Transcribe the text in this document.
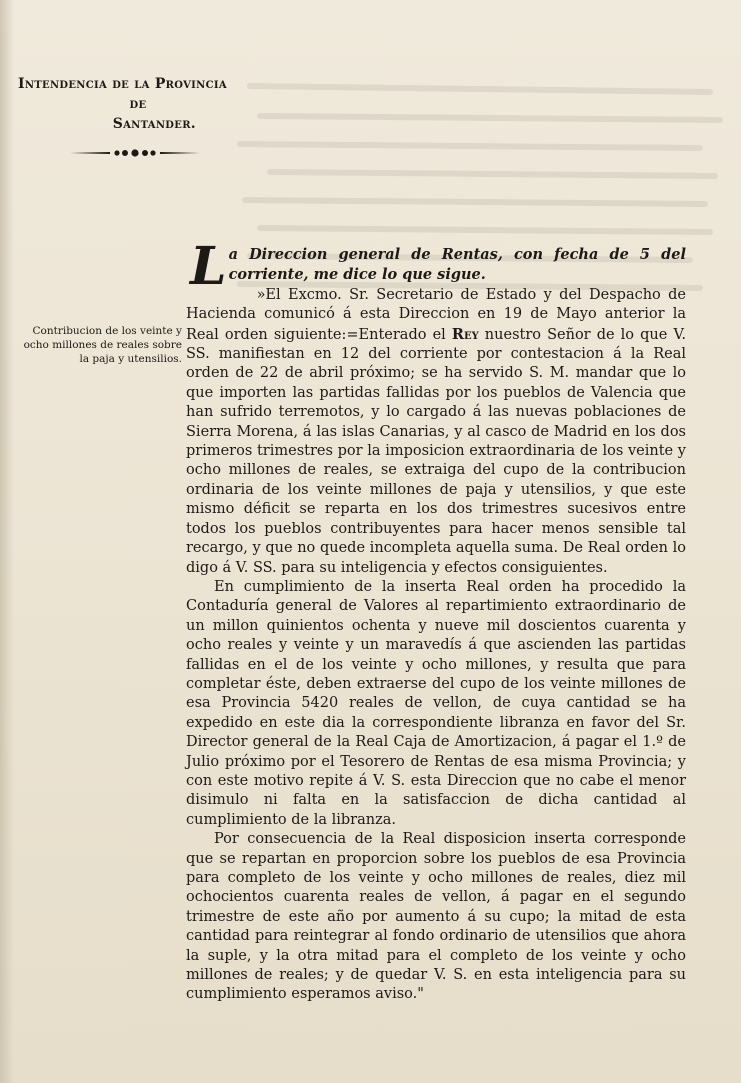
Intendencia de la Provincia
de
Santander.
Contribucion de los veinte y ocho millones de reales sobre la paja y utensilios.

La Direccion general de Rentas, con fecha de 5 del corriente, me dice lo que sigue.

»El Excmo. Sr. Secretario de Estado y del Despacho de Hacienda comunicó á esta Direccion en 19 de Mayo anterior la Real orden siguiente:=Enterado el Rey nuestro Señor de lo que V. SS. manifiestan en 12 del corriente por contestacion á la Real orden de 22 de abril próximo; se ha servido S. M. mandar que lo que importen las partidas fallidas por los pueblos de Valencia que han sufrido terremotos, y lo cargado á las nuevas poblaciones de Sierra Morena, á las islas Canarias, y al casco de Madrid en los dos primeros trimestres por la imposicion extraordinaria de los veinte y ocho millones de reales, se extraiga del cupo de la contribucion ordinaria de los veinte millones de paja y utensilios, y que este mismo déficit se reparta en los dos trimestres sucesivos entre todos los pueblos contribuyentes para hacer menos sensible tal recargo, y que no quede incompleta aquella suma. De Real orden lo digo á V. SS. para su inteligencia y efectos consiguientes.

En cumplimiento de la inserta Real orden ha procedido la Contaduría general de Valores al repartimiento extraordinario de un millon quinientos ochenta y nueve mil doscientos cuarenta y ocho reales y veinte y un maravedís á que ascienden las partidas fallidas en el de los veinte y ocho millones, y resulta que para completar éste, deben extraerse del cupo de los veinte millones de esa Provincia 5420 reales de vellon, de cuya cantidad se ha expedido en este dia la correspondiente libranza en favor del Sr. Director general de la Real Caja de Amortizacion, á pagar el 1.º de Julio próximo por el Tesorero de Rentas de esa misma Provincia; y con este motivo repite á V. S. esta Direccion que no cabe el menor disimulo ni falta en la satisfaccion de dicha cantidad al cumplimiento de la libranza.

Por consecuencia de la Real disposicion inserta corresponde que se repartan en proporcion sobre los pueblos de esa Provincia para completo de los veinte y ocho millones de reales, diez mil ochocientos cuarenta reales de vellon, á pagar en el segundo trimestre de este año por aumento á su cupo; la mitad de esta cantidad para reintegrar al fondo ordinario de utensilios que ahora la suple, y la otra mitad para el completo de los veinte y ocho millones de reales; y de quedar V. S. en esta inteligencia para su cumplimiento esperamos aviso."
